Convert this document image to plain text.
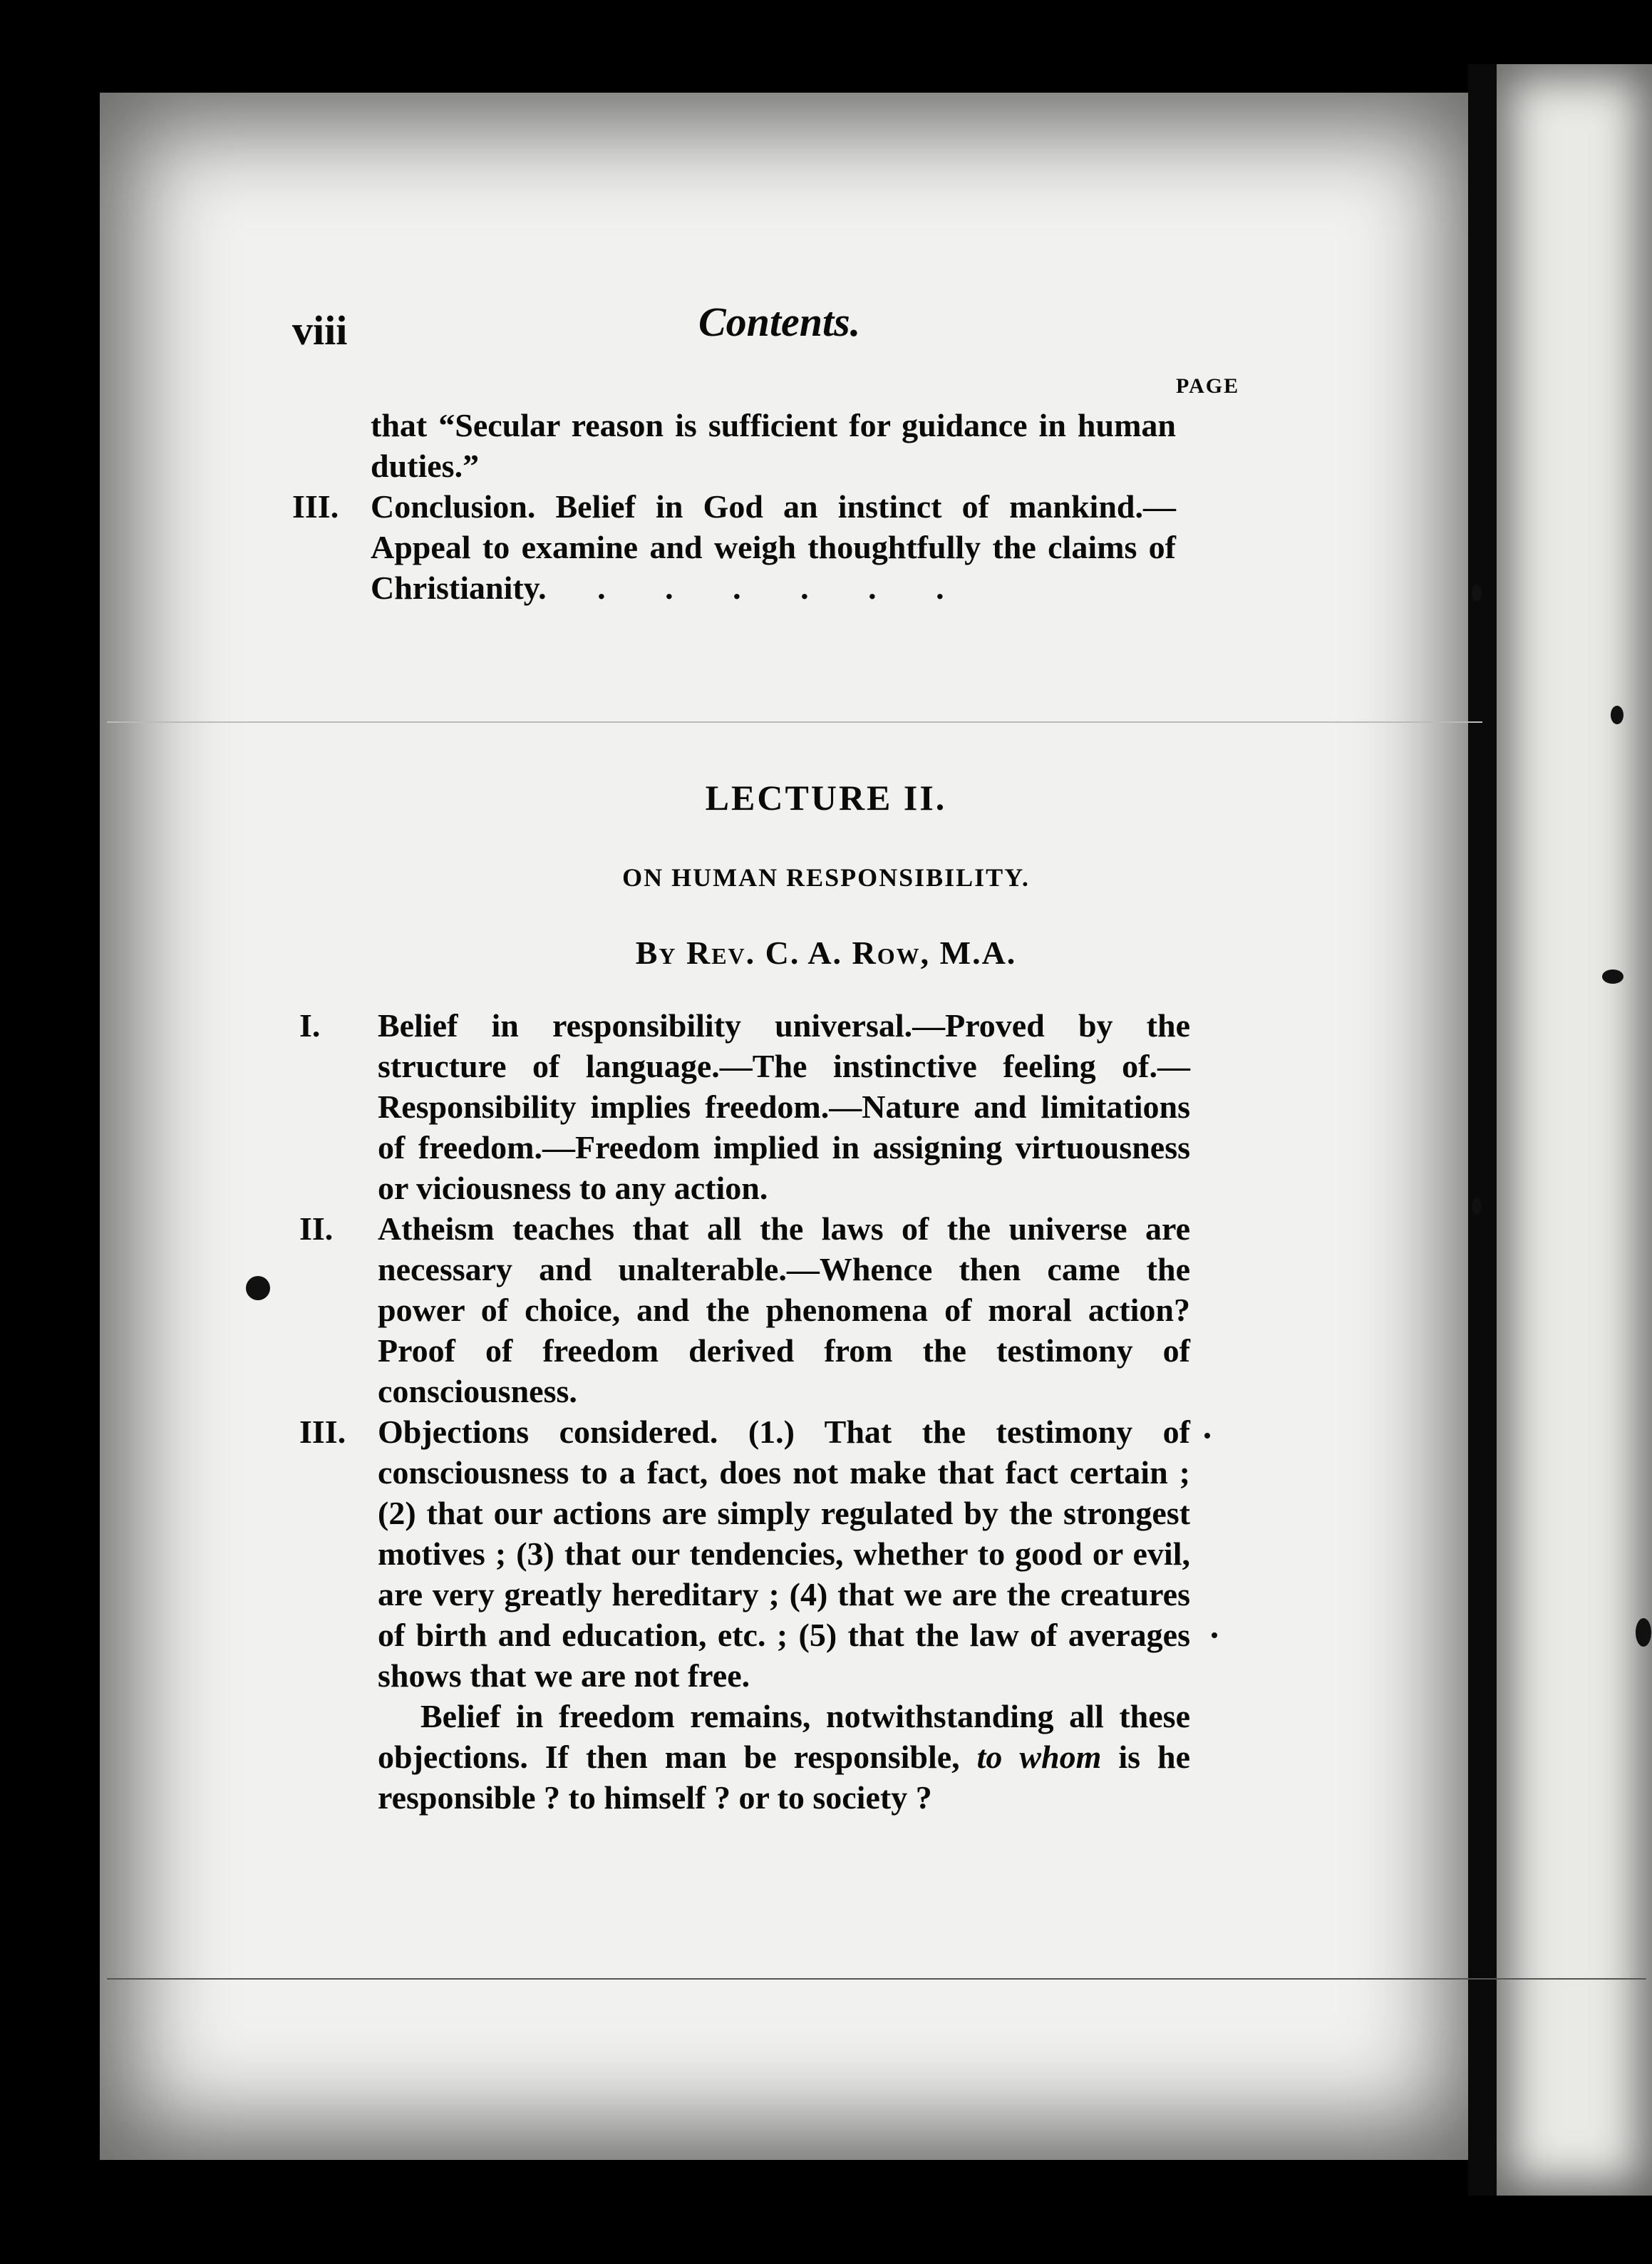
viii	Contents.
PAGE
that “Secular reason is sufficient for guidance in human duties.”
III. Conclusion. Belief in God an instinct of mankind.—Appeal to examine and weigh thoughtfully the claims of Christianity. . . . . . .
LECTURE II.
ON HUMAN RESPONSIBILITY.
By Rev. C. A. Row, M.A.
I. Belief in responsibility universal.—Proved by the structure of language.—The instinctive feeling of.—Responsibility implies freedom.—Nature and limitations of freedom.—Freedom implied in assigning virtuousness or viciousness to any action.
II. Atheism teaches that all the laws of the universe are necessary and unalterable.—Whence then came the power of choice, and the phenomena of moral action? Proof of freedom derived from the testimony of consciousness.
III. Objections considered. (1.) That the testimony of consciousness to a fact, does not make that fact certain ; (2) that our actions are simply regulated by the strongest motives ; (3) that our tendencies, whether to good or evil, are very greatly hereditary ; (4) that we are the creatures of birth and education, etc. ; (5) that the law of averages shows that we are not free.
Belief in freedom remains, notwithstanding all these objections. If then man be responsible, to whom is he responsible ? to himself ? or to society ?
